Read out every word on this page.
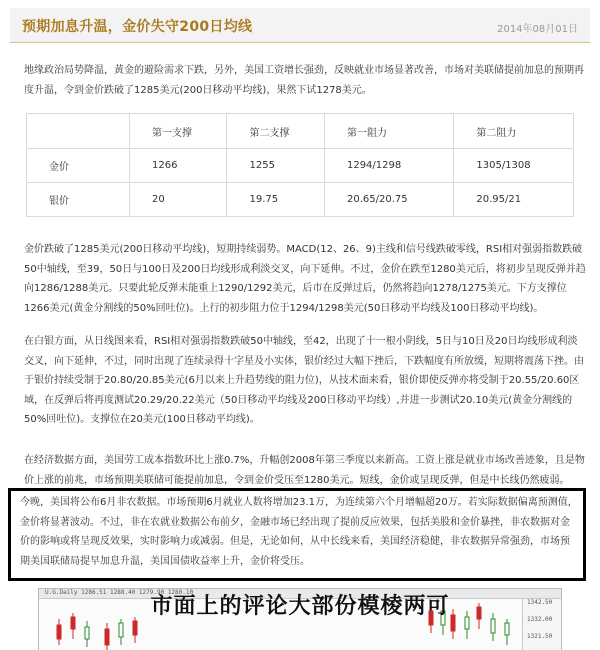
预期加息升温，金价失守200日均线	2014年08月01日

地缘政治局势降温，黄金的避险需求下跌，另外，美国工资增长强劲，反映就业市场显著改善，市场对美联储提前加息的预期再度升温，令到金价跌破了1285美元(200日移动平均线)，果然下试1278美元。

	第一支撑	第二支撑	第一阻力	第二阻力
金价	1266	1255	1294/1298	1305/1308
银价	20	19.75	20.65/20.75	20.95/21

金价跌破了1285美元(200日移动平均线)，短期持续弱势。MACD(12、26、9)主线和信号线跌破零线，RSI相对强弱指数跌破50中轴线，至39，50日与100日及200日均线形成利淡交叉，向下延伸。不过，金价在跌至1280美元后，将初步呈现反弹并趋向1286/1288美元。只要此轮反弹未能重上1290/1292美元，后市在反弹过后，仍然将趋向1278/1275美元。下方支撑位1266美元(黄金分割线的50%回吐位)。上行的初步阻力位于1294/1298美元(50日移动平均线及100日移动平均线)。

在白银方面，从日线图来看，RSI相对强弱指数跌破50中轴线，至42，出现了十一根小阴线，5日与10日及20日均线形成利淡交叉，向下延伸，不过，同时出现了连续录得十字星及小实体，银价经过大幅下挫后，下跌幅度有所放缓，短期将震荡下挫。由于银价持续受制于20.80/20.85美元(6月以来上升趋势线的阻力位)，从技术面来看，银价即使反弹亦将受制于20.55/20.60区域，在反弹后将再度测试20.29/20.22美元（50日移动平均线及200日移动平均线）,并进一步测试20.10美元(黄金分割线的50%回吐位)。支撑位在20美元(100日移动平均线)。

在经济数据方面，美国劳工成本指数环比上涨0.7%，升幅创2008年第三季度以来新高。工资上涨是就业市场改善迹象，且是物价上涨的前兆，市场预期美联储可能提前加息，令到金价受压至1280美元。短线，金价或呈现反弹，但是中长线仍然疲弱。

今晚，美国将公布6月非农数据。市场预期6月就业人数将增加23.1万，为连续第六个月增幅超20万。若实际数据偏离预测值，金价将显著波动。不过，非在农就业数据公布前夕，金融市场已经出现了提前反应效果，包括美股和金价暴挫，非农数据对金价的影响或将呈现反效果，实时影响力或减弱。但是，无论如何，从中长线来看，美国经济稳健，非农数据异常强劲，市场预期美国联储局提早加息升温，美国国债收益率上升，金价将受压。

U.G.Daily 1286.51 1288.40 1279.90 1280.10
1342.50
1332.00
1321.50
市面上的评论大部份模棱两可
